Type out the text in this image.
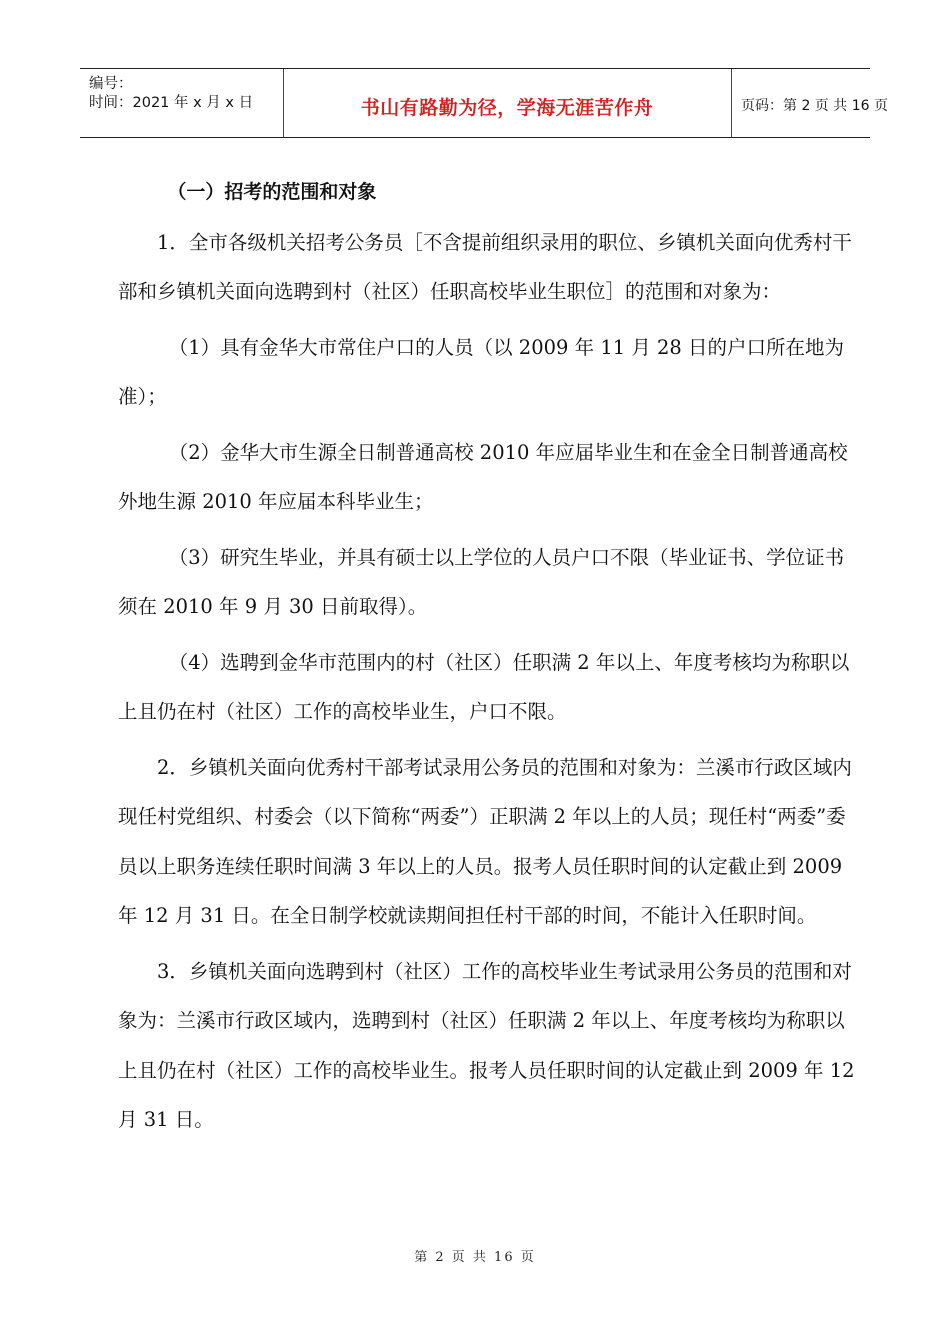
编号：
时间：2021 年 x 月 x 日	书山有路勤为径，学海无涯苦作舟	页码：第 2 页 共 16 页

（一）招考的范围和对象

1．全市各级机关招考公务员［不含提前组织录用的职位、乡镇机关面向优秀村干部和乡镇机关面向选聘到村（社区）任职高校毕业生职位］的范围和对象为：

（1）具有金华大市常住户口的人员（以 2009 年 11 月 28 日的户口所在地为准）；

（2）金华大市生源全日制普通高校 2010 年应届毕业生和在金全日制普通高校外地生源 2010 年应届本科毕业生；

（3）研究生毕业，并具有硕士以上学位的人员户口不限（毕业证书、学位证书须在 2010 年 9 月 30 日前取得）。

（4）选聘到金华市范围内的村（社区）任职满 2 年以上、年度考核均为称职以上且仍在村（社区）工作的高校毕业生，户口不限。

2．乡镇机关面向优秀村干部考试录用公务员的范围和对象为：兰溪市行政区域内现任村党组织、村委会（以下简称“两委”）正职满 2 年以上的人员；现任村“两委”委员以上职务连续任职时间满 3 年以上的人员。报考人员任职时间的认定截止到 2009 年 12 月 31 日。在全日制学校就读期间担任村干部的时间，不能计入任职时间。

3．乡镇机关面向选聘到村（社区）工作的高校毕业生考试录用公务员的范围和对象为：兰溪市行政区域内，选聘到村（社区）任职满 2 年以上、年度考核均为称职以上且仍在村（社区）工作的高校毕业生。报考人员任职时间的认定截止到 2009 年 12 月 31 日。

第 2 页 共 16 页
